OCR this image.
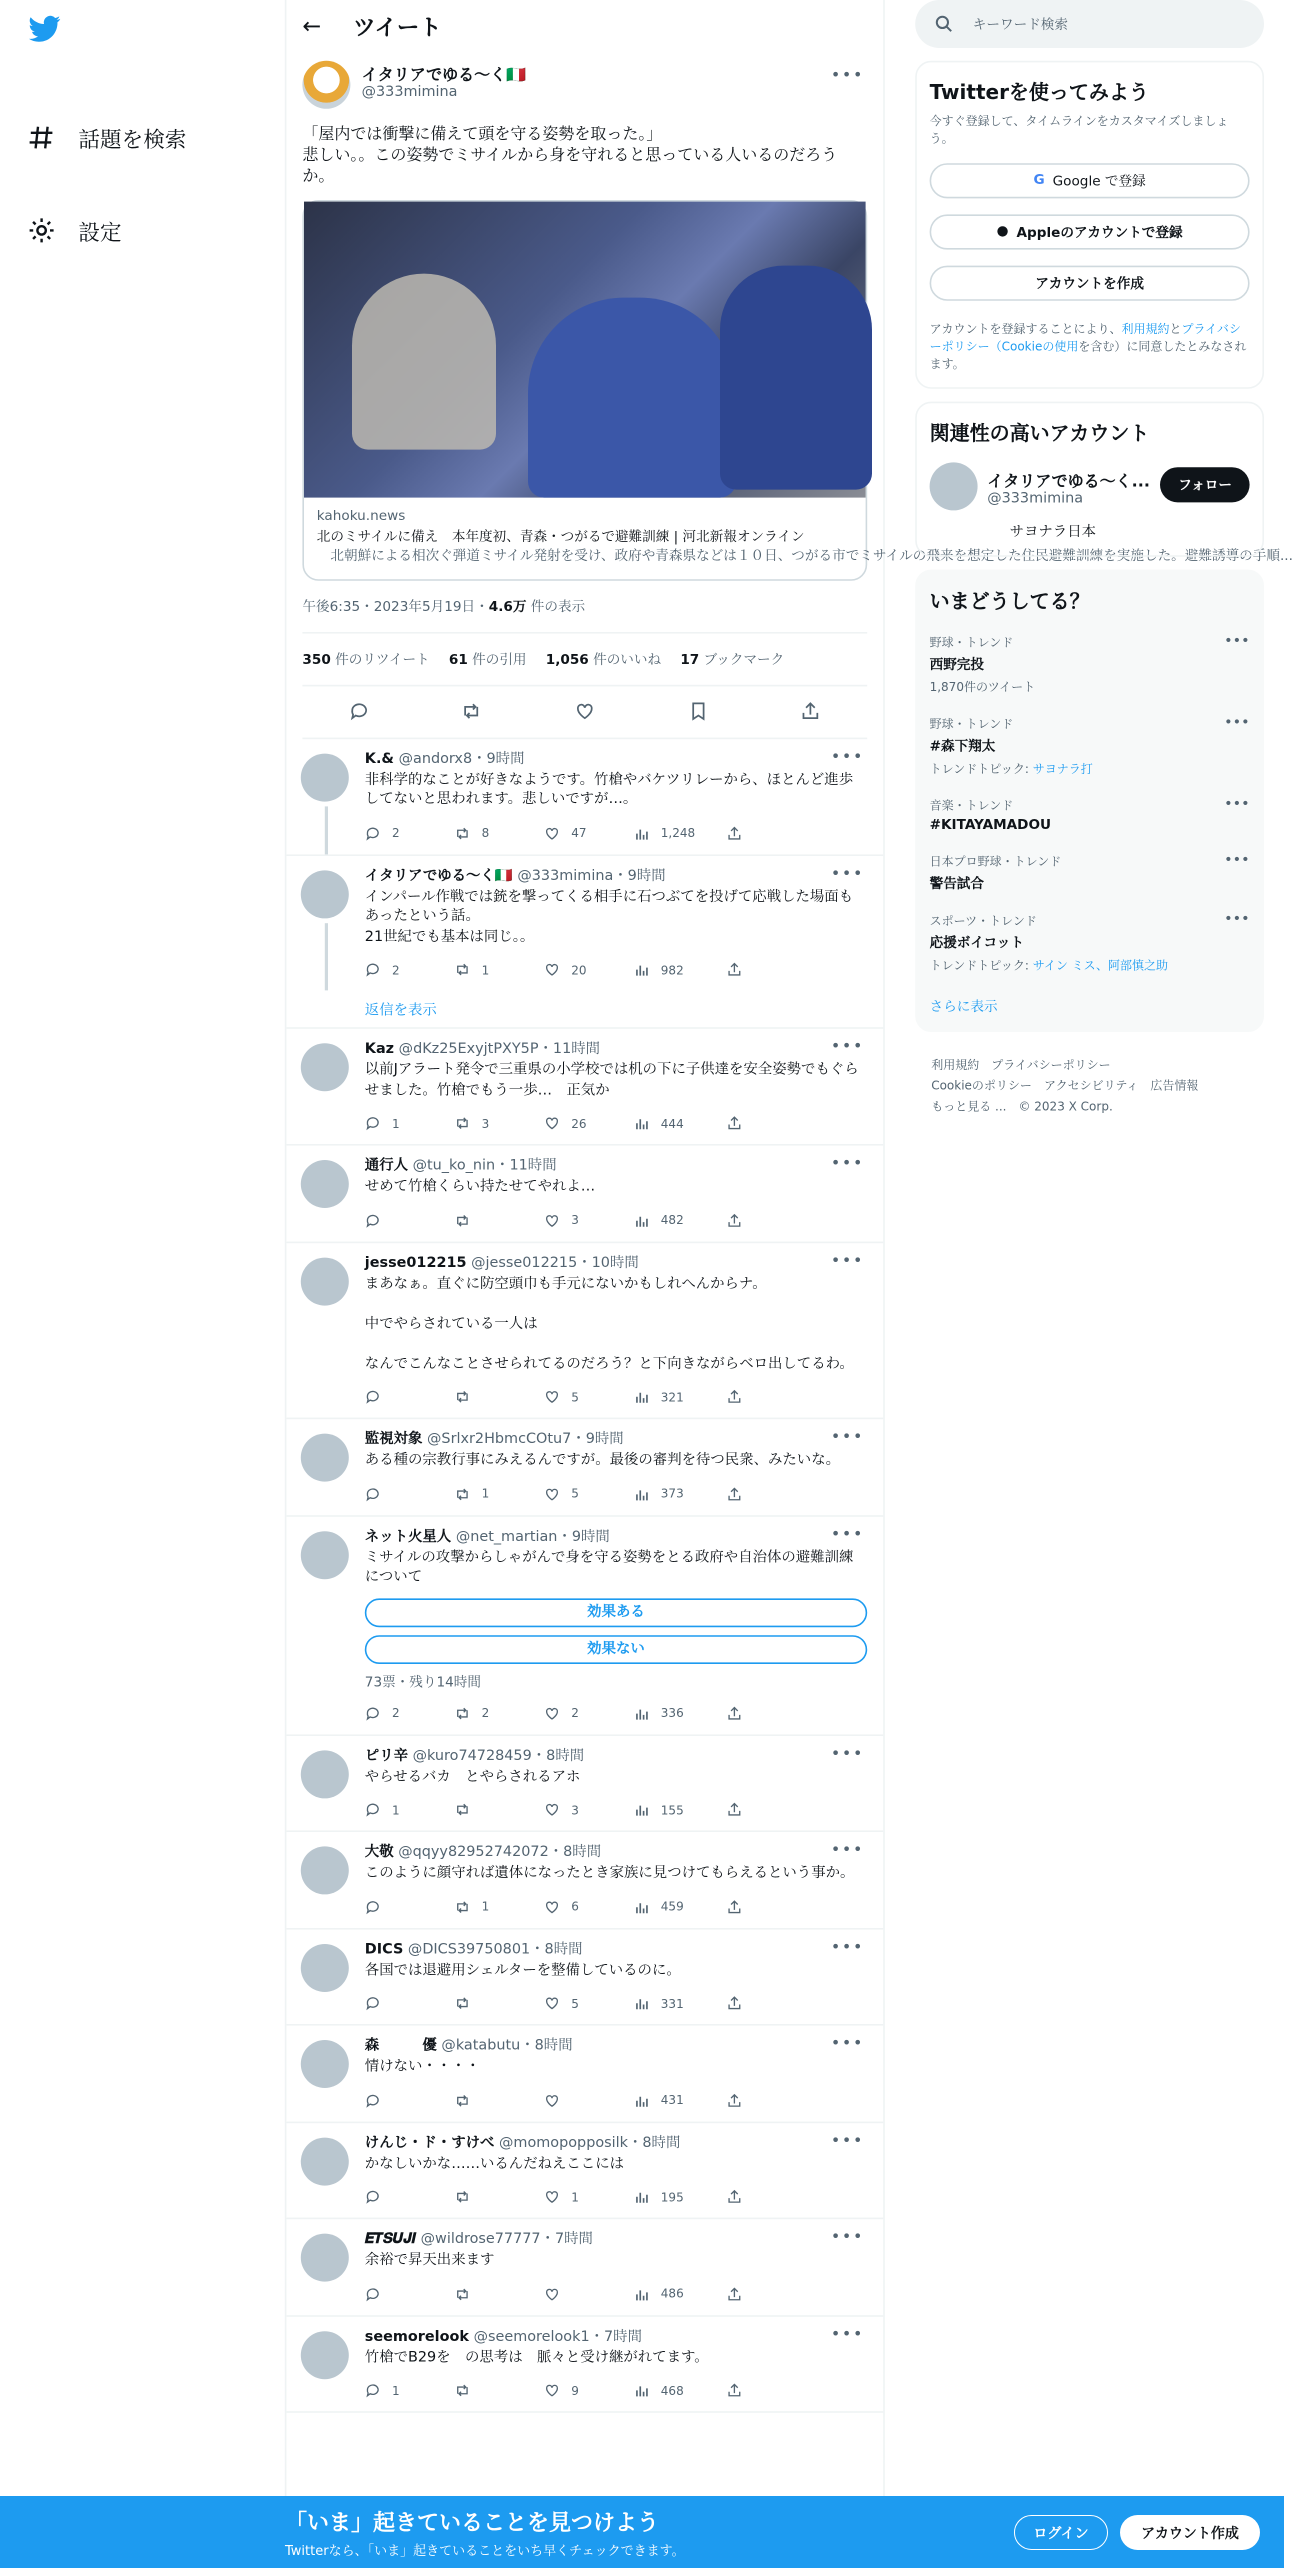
話題を検索
設定
← ツイート
イタリアでゆる～く🇮🇹
@333mimina
•••
「屋内では衝撃に備えて頭を守る姿勢を取った。」
悲しい。。この姿勢でミサイルから身を守れると思っている人いるのだろうか。
kahoku.news
北のミサイルに備え　本年度初、青森・つがるで避難訓練 | 河北新報オンライン
　北朝鮮による相次ぐ弾道ミサイル発射を受け、政府や青森県などは１０日、つがる市でミサイルの飛来を想定した住民避難訓練を実施した。避難誘導の手順...
午後6:35・2023年5月19日・4.6万 件の表示
350 件のリツイート 61 件の引用 1,056 件のいいね 17 ブックマーク
•••
K.& @andorx8・9時間
非科学的なことが好きなようです。竹槍やバケツリレーから、ほとんど進歩してないと思われます。悲しいですが…。
2	8	47	1,248
•••
イタリアでゆる～く🇮🇹 @333mimina・9時間
インパール作戦では銃を撃ってくる相手に石つぶてを投げて応戦した場面もあったという話。
21世紀でも基本は同じ。。
2	1	20	982
返信を表示
•••
Kaz @dKz25ExyjtPXY5P・11時間
以前Jアラート発令で三重県の小学校では机の下に子供達を安全姿勢でもぐらせました。竹槍でもう一歩…　正気か
1	3	26	444
•••
通行人 @tu_ko_nin・11時間
せめて竹槍くらい持たせてやれよ…
3	482
•••
jesse012215 @jesse012215・10時間
まあなぁ。直ぐに防空頭巾も手元にないかもしれへんからナ。

中でやらされている一人は

なんでこんなことさせられてるのだろう？と下向きながらベロ出してるわ。
5	321
•••
監視対象 @Srlxr2HbmcCOtu7・9時間
ある種の宗教行事にみえるんですが。最後の審判を待つ民衆、みたいな。
1	5	373
•••
ネット火星人 @net_martian・9時間
ミサイルの攻撃からしゃがんで身を守る姿勢をとる政府や自治体の避難訓練について
効果ある
効果ない
73票・残り14時間
2	2	2	336
•••
ピリ辛 @kuro74728459・8時間
やらせるバカ　とやらされるアホ
1	3	155
•••
大敬 @qqyy82952742072・8時間
このように顔守れば遺体になったとき家族に見つけてもらえるという事か。
1	6	459
•••
DICS @DICS39750801・8時間
各国では退避用シェルターを整備しているのに。
5	331
•••
森　　　優 @katabutu・8時間
情けない・・・・
431
•••
けんじ・ド・すけべ @momopopposilk・8時間
かなしいかな……いるんだねえここには
1	195
•••
𝑬𝑻𝑺𝑼𝑱𝑰 @wildrose77777・7時間
余裕で昇天出来ます
486
•••
seemorelook @seemorelook1・7時間
竹槍でB29を　の思考は　脈々と受け継がれてます。
1	9	468
キーワード検索
Twitterを使ってみよう
今すぐ登録して、タイムラインをカスタマイズしましょう。
G Google で登録
● Appleのアカウントで登録
アカウントを作成
アカウントを登録することにより、利用規約とプライバシーポリシー（Cookieの使用を含む）に同意したとみなされます。
関連性の高いアカウント
イタリアでゆる～く...
@333mimina
フォロー
サヨナラ日本
いまどうしてる？
野球・トレンド
西野完投
1,870件のツイート
•••
野球・トレンド
#森下翔太
トレンドトピック: サヨナラ打
•••
音楽・トレンド
#KITAYAMADOU
•••
日本プロ野球・トレンド
警告試合
•••
スポーツ・トレンド
応援ボイコット
トレンドトピック: サイン ミス、阿部慎之助
•••
さらに表示
利用規約　 プライバシーポリシー
Cookieのポリシー　 アクセシビリティ　 広告情報
もっと見る ...　 © 2023 X Corp.
「いま」起きていることを見つけよう
Twitterなら、「いま」起きていることをいち早くチェックできます。
ログイン	アカウント作成
